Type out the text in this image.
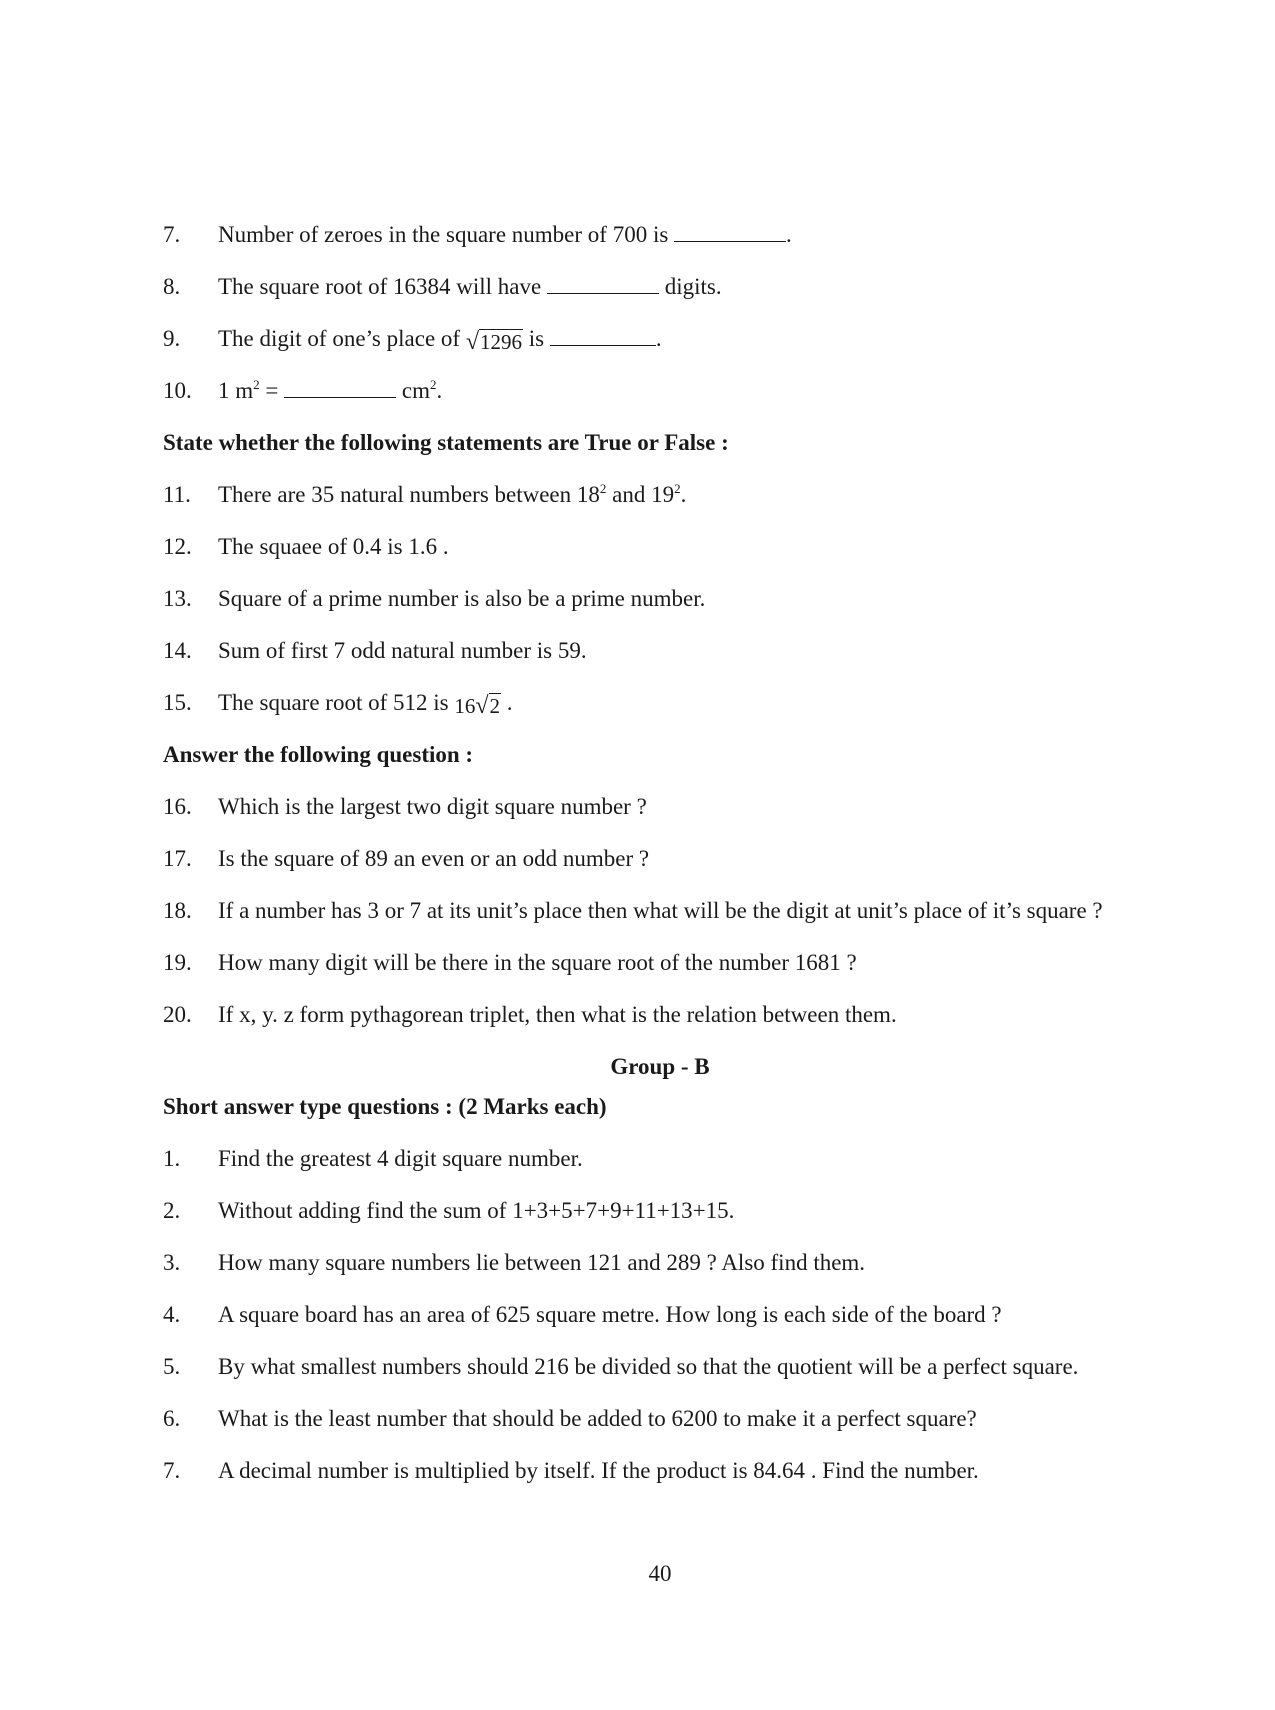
7. Number of zeroes in the square number of 700 is	.
8. The square root of 16384 will have	digits.
9. The digit of one’s place of √1296 is	.
10. 1 $m^2$ =	$cm^2$.
State whether the following statements are True or False :
11. There are 35 natural numbers between $18^2$ and $19^2$.
12. The squaee of 0.4 is 1.6 .
13. Square of a prime number is also be a prime number.
14. Sum of first 7 odd natural number is 59.
15. The square root of 512 is 16√2 .
Answer the following question :
16. Which is the largest two digit square number ?
17. Is the square of 89 an even or an odd number ?
18. If a number has 3 or 7 at its unit’s place then what will be the digit at unit’s place of it’s square ?
19. How many digit will be there in the square root of the number 1681 ?
20. If x, y. z form pythagorean triplet, then what is the relation between them.
Group - B
Short answer type questions : (2 Marks each)
1. Find the greatest 4 digit square number.
2. Without adding find the sum of 1+3+5+7+9+11+13+15.
3. How many square numbers lie between 121 and 289 ? Also find them.
4. A square board has an area of 625 square metre. How long is each side of the board ?
5. By what smallest numbers should 216 be divided so that the quotient will be a perfect square.
6. What is the least number that should be added to 6200 to make it a perfect square?
7. A decimal number is multiplied by itself. If the product is 84.64 . Find the number.
40
